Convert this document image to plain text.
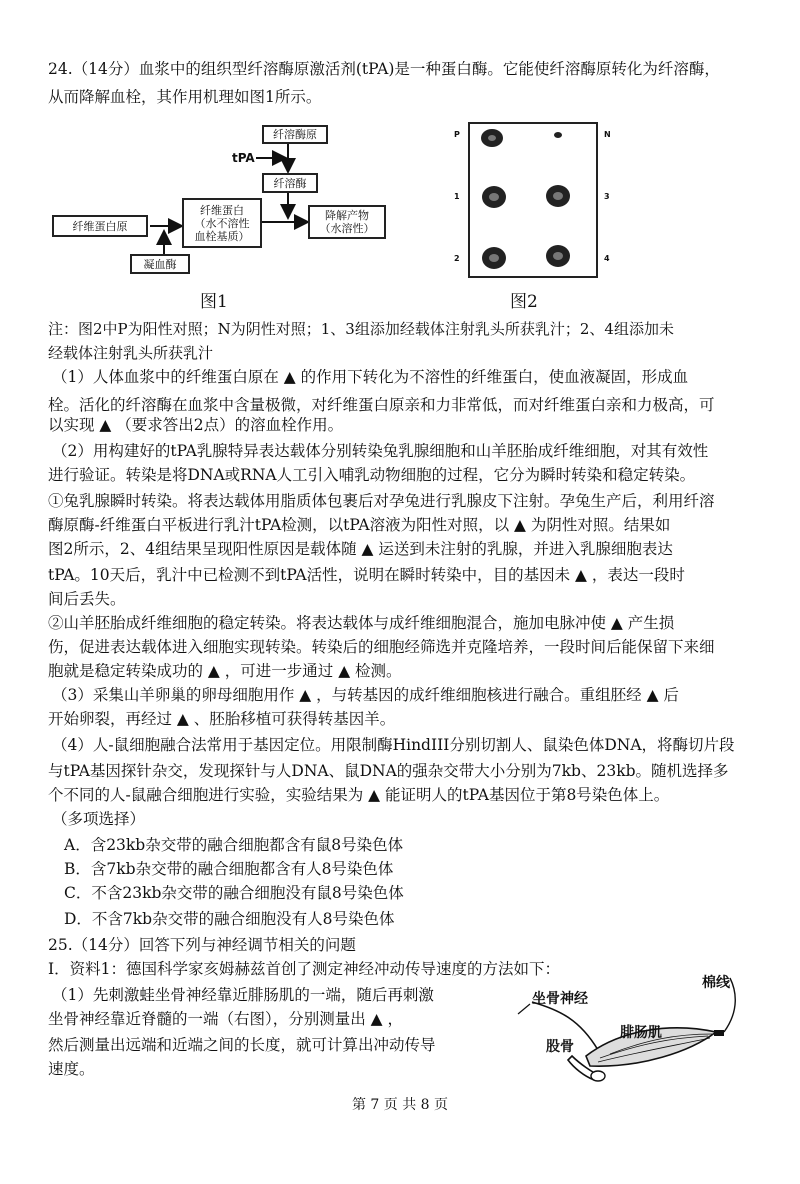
24.（14分）血浆中的组织型纤溶酶原激活剂(tPA)是一种蛋白酶。它能使纤溶酶原转化为纤溶酶，
从而降解血栓，其作用机理如图1所示。
纤溶酶原
tPA
纤溶酶
纤维蛋白原
纤维蛋白
（水不溶性
血栓基质）
降解产物
（水溶性）
凝血酶
图1
P	N
1	3
2	4
图2
注：图2中P为阳性对照；N为阴性对照；1、3组添加经载体注射乳头所获乳汁；2、4组添加未
经载体注射乳头所获乳汁
（1）人体血浆中的纤维蛋白原在 ▲ 的作用下转化为不溶性的纤维蛋白，使血液凝固，形成血
栓。活化的纤溶酶在血浆中含量极微，对纤维蛋白原亲和力非常低，而对纤维蛋白亲和力极高，可
以实现 ▲ （要求答出2点）的溶血栓作用。
（2）用构建好的tPA乳腺特异表达载体分别转染兔乳腺细胞和山羊胚胎成纤维细胞，对其有效性
进行验证。转染是将DNA或RNA人工引入哺乳动物细胞的过程，它分为瞬时转染和稳定转染。
①兔乳腺瞬时转染。将表达载体用脂质体包裹后对孕兔进行乳腺皮下注射。孕兔生产后，利用纤溶
酶原酶-纤维蛋白平板进行乳汁tPA检测，以tPA溶液为阳性对照，以 ▲ 为阴性对照。结果如
图2所示，2、4组结果呈现阳性原因是载体随 ▲ 运送到未注射的乳腺，并进入乳腺细胞表达
tPA。10天后，乳汁中已检测不到tPA活性，说明在瞬时转染中，目的基因未 ▲ ，表达一段时
间后丢失。
②山羊胚胎成纤维细胞的稳定转染。将表达载体与成纤维细胞混合，施加电脉冲使 ▲ 产生损
伤，促进表达载体进入细胞实现转染。转染后的细胞经筛选并克隆培养，一段时间后能保留下来细
胞就是稳定转染成功的 ▲ ，可进一步通过 ▲ 检测。
（3）采集山羊卵巢的卵母细胞用作 ▲ ，与转基因的成纤维细胞核进行融合。重组胚经 ▲ 后
开始卵裂，再经过 ▲ 、胚胎移植可获得转基因羊。
（4）人-鼠细胞融合法常用于基因定位。用限制酶HindIII分别切割人、鼠染色体DNA，将酶切片段
与tPA基因探针杂交，发现探针与人DNA、鼠DNA的强杂交带大小分别为7kb、23kb。随机选择多
个不同的人-鼠融合细胞进行实验，实验结果为 ▲ 能证明人的tPA基因位于第8号染色体上。
（多项选择）
A．含23kb杂交带的融合细胞都含有鼠8号染色体
B．含7kb杂交带的融合细胞都含有人8号染色体
C．不含23kb杂交带的融合细胞没有鼠8号染色体
D．不含7kb杂交带的融合细胞没有人8号染色体
25.（14分）回答下列与神经调节相关的问题
Ⅰ．资料1：德国科学家亥姆赫兹首创了测定神经冲动传导速度的方法如下：
（1）先刺激蛙坐骨神经靠近腓肠肌的一端，随后再刺激
坐骨神经靠近脊髓的一端（右图），分别测量出 ▲ ，
然后测量出远端和近端之间的长度，就可计算出冲动传导
速度。
坐骨神经
棉线
腓肠肌
股骨
第 7 页 共 8 页
